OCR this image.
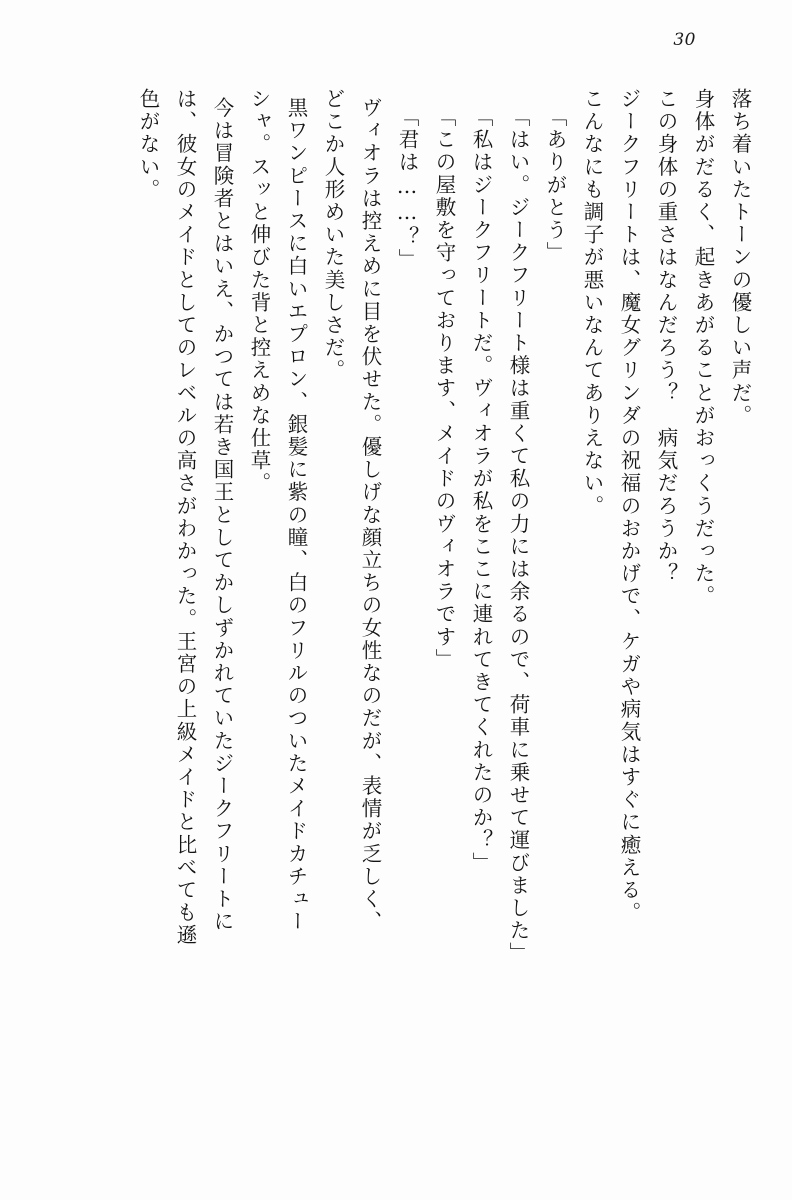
30
落ち着いたトーンの優しい声だ。
身体がだるく、起きあがることがおっくうだった。
この身体の重さはなんだろう？　病気だろうか？
ジークフリートは、魔女グリンダの祝福のおかげで、ケガや病気はすぐに癒える。
こんなにも調子が悪いなんてありえない。
「ありがとう」
「はい。ジークフリート様は重くて私の力には余るので、荷車に乗せて運びました」
「私はジークフリートだ。ヴィオラが私をここに連れてきてくれたのか？」
「この屋敷を守っております、メイドのヴィオラです」
「君は……？」
ヴィオラは控えめに目を伏せた。優しげな顔立ちの女性なのだが、表情が乏しく、
どこか人形めいた美しさだ。
黒ワンピースに白いエプロン、銀髪に紫の瞳、白のフリルのついたメイドカチュー
シャ。スッと伸びた背と控えめな仕草。
今は冒険者とはいえ、かつては若き国王としてかしずかれていたジークフリートに
は、彼女のメイドとしてのレベルの高さがわかった。王宮の上級メイドと比べても遜
色がない。
